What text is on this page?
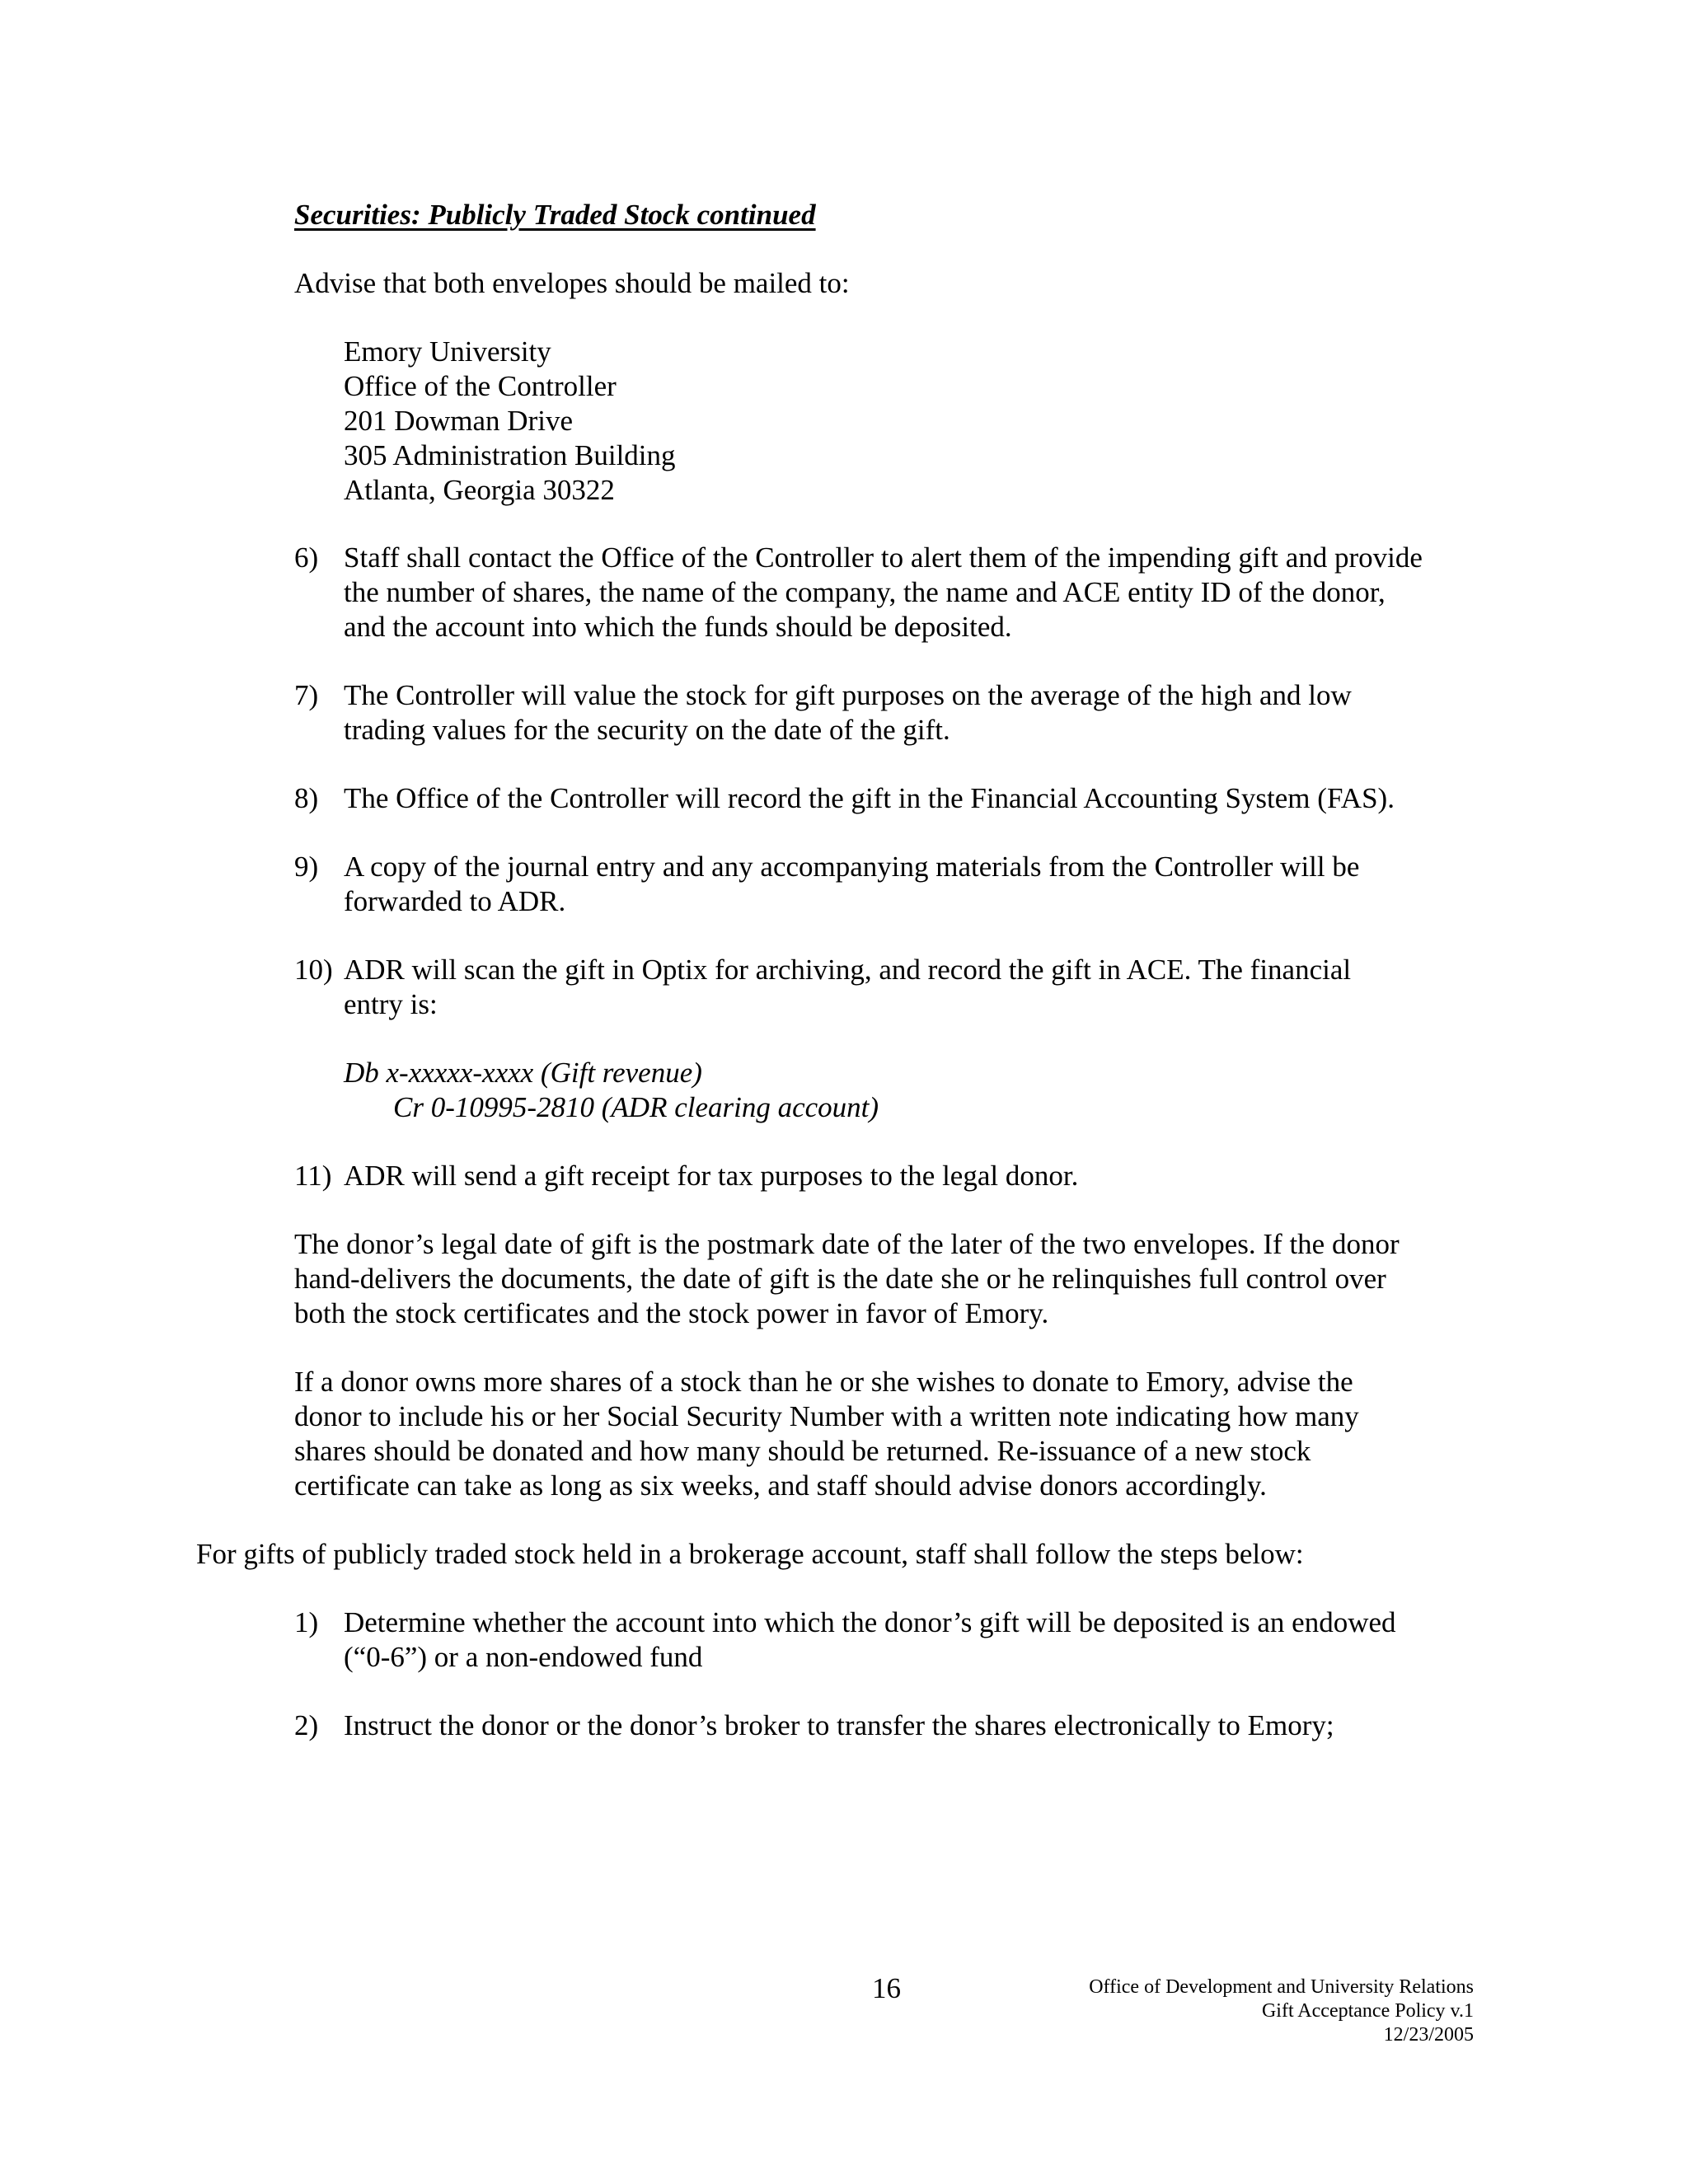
Securities: Publicly Traded Stock continued
Advise that both envelopes should be mailed to:
Emory University
Office of the Controller
201 Dowman Drive
305 Administration Building
Atlanta, Georgia 30322
6) Staff shall contact the Office of the Controller to alert them of the impending gift and provide
the number of shares, the name of the company, the name and ACE entity ID of the donor,
and the account into which the funds should be deposited.
7) The Controller will value the stock for gift purposes on the average of the high and low
trading values for the security on the date of the gift.
8) The Office of the Controller will record the gift in the Financial Accounting System (FAS).
9) A copy of the journal entry and any accompanying materials from the Controller will be
forwarded to ADR.
10) ADR will scan the gift in Optix for archiving, and record the gift in ACE. The financial
entry is:
Db x-xxxxx-xxxx (Gift revenue)
Cr 0-10995-2810 (ADR clearing account)
11) ADR will send a gift receipt for tax purposes to the legal donor.
The donor’s legal date of gift is the postmark date of the later of the two envelopes. If the donor
hand-delivers the documents, the date of gift is the date she or he relinquishes full control over
both the stock certificates and the stock power in favor of Emory.
If a donor owns more shares of a stock than he or she wishes to donate to Emory, advise the
donor to include his or her Social Security Number with a written note indicating how many
shares should be donated and how many should be returned. Re-issuance of a new stock
certificate can take as long as six weeks, and staff should advise donors accordingly.
For gifts of publicly traded stock held in a brokerage account, staff shall follow the steps below:
1) Determine whether the account into which the donor’s gift will be deposited is an endowed
(“0-6”) or a non-endowed fund
2) Instruct the donor or the donor’s broker to transfer the shares electronically to Emory;
16	Office of Development and University Relations
Gift Acceptance Policy v.1
12/23/2005
